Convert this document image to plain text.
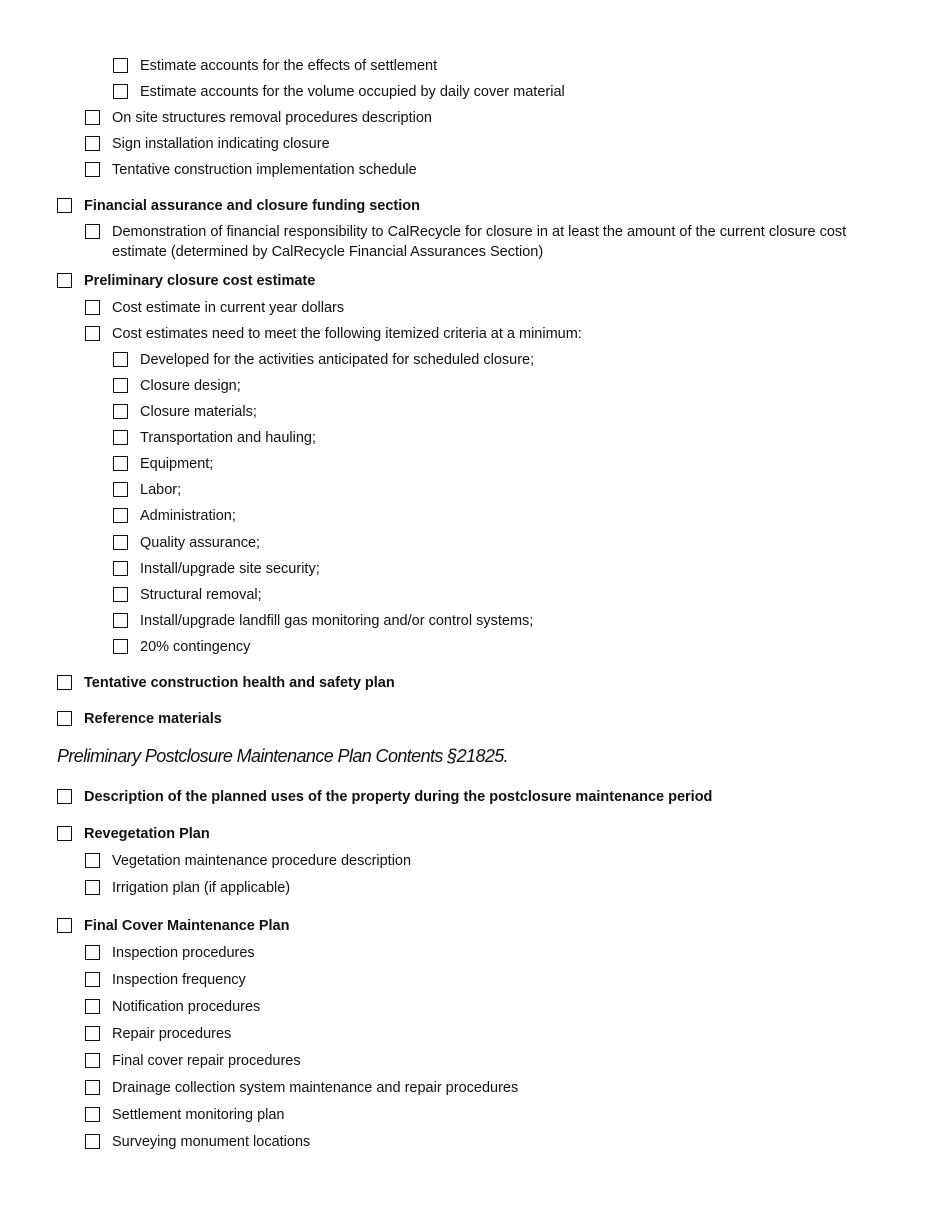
Estimate accounts for the effects of settlement
Estimate accounts for the volume occupied by daily cover material
On site structures removal procedures description
Sign installation indicating closure
Tentative construction implementation schedule
Financial assurance and closure funding section
Demonstration of financial responsibility to CalRecycle for closure in at least the amount of the current closure cost estimate (determined by CalRecycle Financial Assurances Section)
Preliminary closure cost estimate
Cost estimate in current year dollars
Cost estimates need to meet the following itemized criteria at a minimum:
Developed for the activities anticipated for scheduled closure;
Closure design;
Closure materials;
Transportation and hauling;
Equipment;
Labor;
Administration;
Quality assurance;
Install/upgrade site security;
Structural removal;
Install/upgrade landfill gas monitoring and/or control systems;
20% contingency
Tentative construction health and safety plan
Reference materials
Preliminary Postclosure Maintenance Plan Contents §21825.
Description of the planned uses of the property during the postclosure maintenance period
Revegetation Plan
Vegetation maintenance procedure description
Irrigation plan (if applicable)
Final Cover Maintenance Plan
Inspection procedures
Inspection frequency
Notification procedures
Repair procedures
Final cover repair procedures
Drainage collection system maintenance and repair procedures
Settlement monitoring plan
Surveying monument locations
